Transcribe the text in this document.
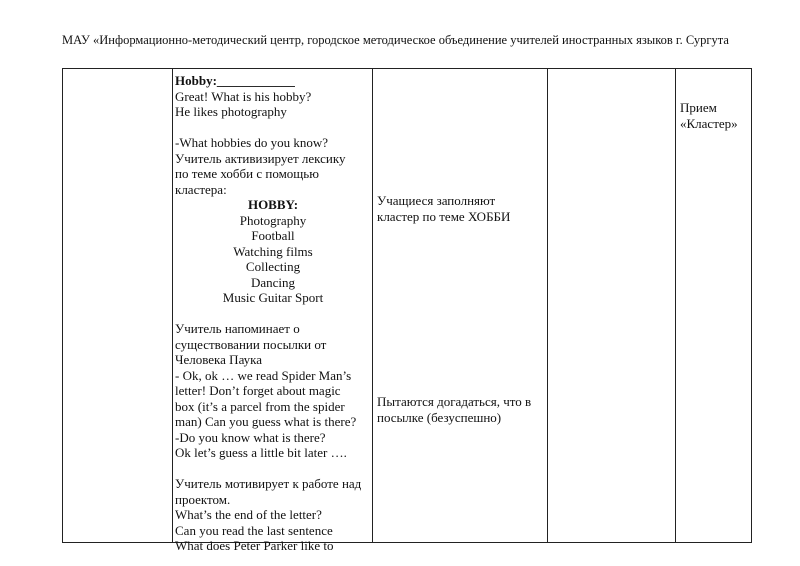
МАУ «Информационно-методический центр, городское методическое объединение учителей иностранных языков г. Сургута
Hobby:____________
Great! What is his hobby?
He likes photography
-What hobbies do you know?
Учитель активизирует лексику
по теме хобби с помощью
кластера:
HOBBY:
Photography
Football
Watching films
Collecting
Dancing
Music Guitar Sport
Учитель напоминает о
существовании посылки от
Человека Паука
- Ok, ok … we read Spider Man’s
letter! Don’t forget about magic
box (it’s a parcel from the spider
man) Can you guess what is there?
-Do you know what is there?
Ok let’s guess a little bit later ….
Учитель мотивирует к работе над
проектом.
What’s the end of the letter?
Can you read the last sentence
What does Peter Parker like to
Учащиеся заполняют
кластер по теме ХОББИ
Пытаются догадаться, что в
посылке (безуспешно)
Прием
«Кластер»
